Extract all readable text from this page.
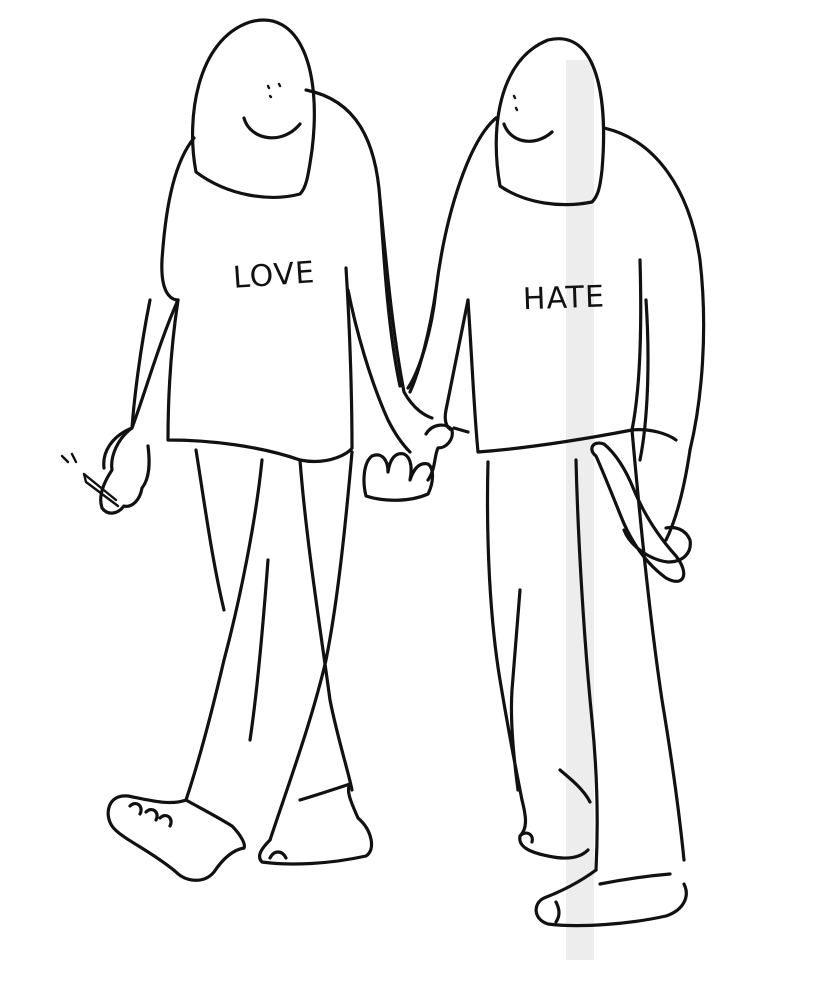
LOVE
HATE
